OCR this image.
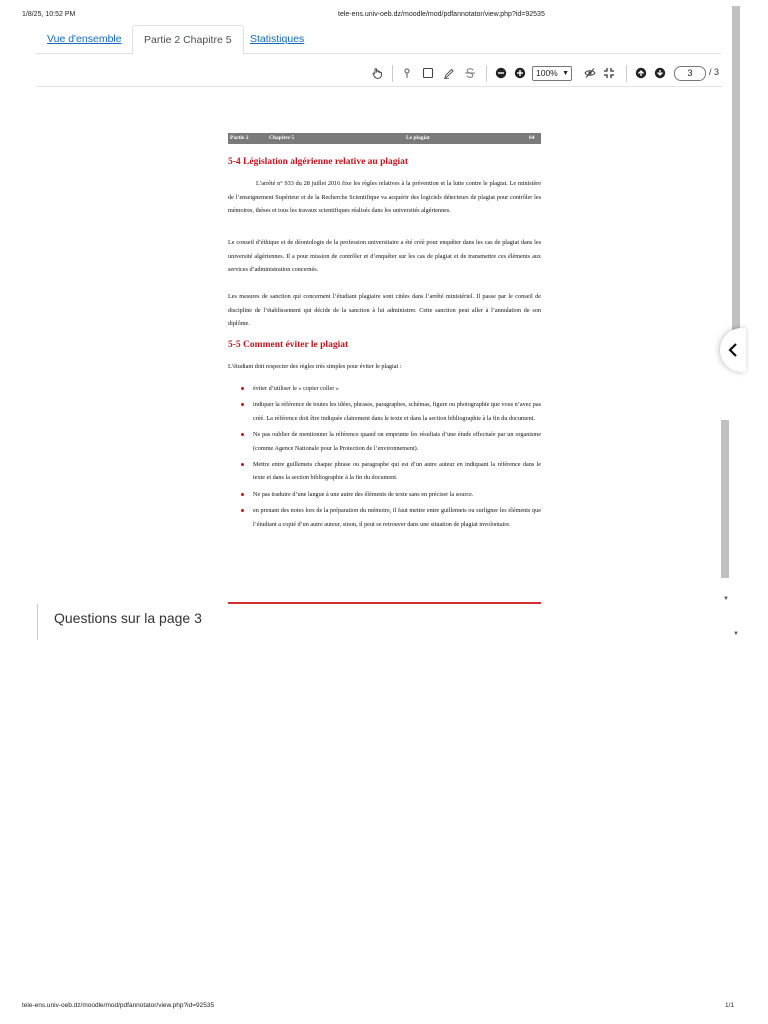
1/8/25, 10:52 PM	tele-ens.univ-oeb.dz/moodle/mod/pdfannotator/view.php?id=92535
Vue d'ensemble	Partie 2 Chapitre 5	Statistiques
100% ▼	3	/ 3
▼
▼
Partie 2	Chapitre 5	Le plagiat	64
5-4 Législation algérienne relative au plagiat

L’arrêté n° 933 du 28 juillet 2016 fixe les règles relatives à la prévention et la lutte contre le plagiat. Le ministère de l’enseignement Supérieur et de la Recherche Scientifique va acquérir des logiciels détecteurs de plagiat pour contrôler les mémoires, thèses et tous les travaux scientifiques réalisés dans les universités algériennes.

Le conseil d’éthique et de déontologie de la profession universitaire a été créé pour enquêter dans les cas de plagiat dans les université algériennes. Il a pour mission de contrôler et d’enquêter sur les cas de plagiat et de transmettre ces éléments aux services d’administration concernés.

Les mesures de sanction qui concernent l’étudiant plagiaire sont citées dans l’arrêté ministériel. Il passe par le conseil de discipline de l’établissement qui décide de la sanction à lui administrer. Cette sanction peut aller à l’annulation de son diplôme.

5-5 Comment éviter le plagiat

L’étudiant doit respecter des règles très simples pour éviter le plagiat :

éviter d’utiliser le « copier coller »
indiquer la référence de toutes les idées, phrases, paragraphes, schémas, figure ou photographie que vous n’avez pas créé. La référence doit être indiquée clairement dans le texte et dans la section bibliographie à la fin du document.
Ne pas oublier de mentionner la référence quand on emprunte les résultats d’une étude effectuée par un organisme (comme Agence Nationale pour la Protection de l’environnement).
Mettre entre guillemets chaque phrase ou paragraphe qui est d’un autre auteur en indiquant la référence dans le texte et dans la section bibliographie à la fin du document.
Ne pas traduire d’une langue à une autre des éléments de texte sans en préciser la source.
en prenant des notes lors de la préparation du mémoire, il faut mettre entre guillemets ou surligner les éléments que l’étudiant a copié d’un autre auteur, sinon, il peut se retrouver dans une situation de plagiat involontaire.
Questions sur la page 3
tele-ens.univ-oeb.dz/moodle/mod/pdfannotator/view.php?id=92535	1/1
